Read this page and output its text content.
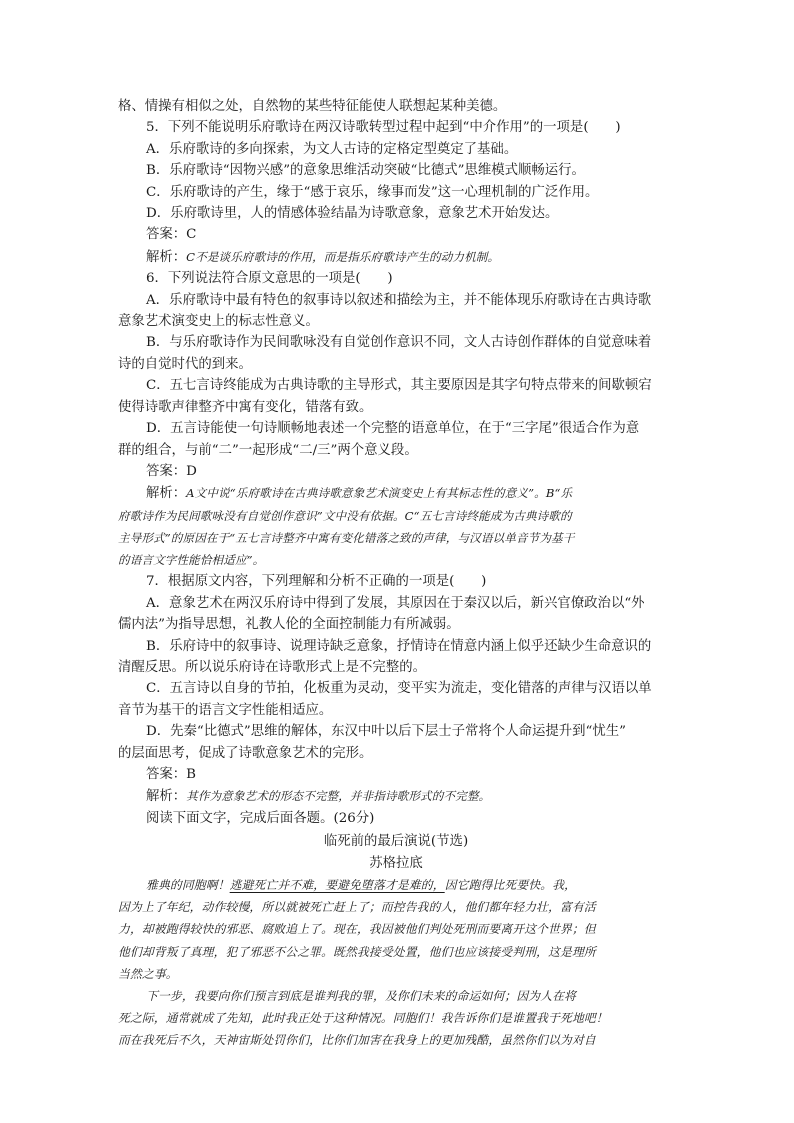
格、情操有相似之处，自然物的某些特征能使人联想起某种美德。
5．下列不能说明乐府歌诗在两汉诗歌转型过程中起到“中介作用”的一项是(　　)
A．乐府歌诗的多向探索，为文人古诗的定格定型奠定了基础。
B．乐府歌诗“因物兴感”的意象思维活动突破“比德式”思维模式顺畅运行。
C．乐府歌诗的产生，缘于“感于哀乐，缘事而发”这一心理机制的广泛作用。
D．乐府歌诗里，人的情感体验结晶为诗歌意象，意象艺术开始发达。
答案：C
解析：C不是谈乐府歌诗的作用，而是指乐府歌诗产生的动力机制。
6．下列说法符合原文意思的一项是(　　)
A．乐府歌诗中最有特色的叙事诗以叙述和描绘为主，并不能体现乐府歌诗在古典诗歌
意象艺术演变史上的标志性意义。
B．与乐府歌诗作为民间歌咏没有自觉创作意识不同，文人古诗创作群体的自觉意味着
诗的自觉时代的到来。
C．五七言诗终能成为古典诗歌的主导形式，其主要原因是其字句特点带来的间歇顿宕
使得诗歌声律整齐中寓有变化，错落有致。
D．五言诗能使一句诗顺畅地表述一个完整的语意单位，在于“三字尾”很适合作为意
群的组合，与前“二”一起形成“二/三”两个意义段。
答案：D
解析：A文中说“乐府歌诗在古典诗歌意象艺术演变史上有其标志性的意义”。B“乐
府歌诗作为民间歌咏没有自觉创作意识”文中没有依据。C“五七言诗终能成为古典诗歌的
主导形式”的原因在于“五七言诗整齐中寓有变化错落之致的声律，与汉语以单音节为基干
的语言文字性能恰相适应”。
7．根据原文内容，下列理解和分析不正确的一项是(　　)
A．意象艺术在两汉乐府诗中得到了发展，其原因在于秦汉以后，新兴官僚政治以“外
儒内法”为指导思想，礼教人伦的全面控制能力有所减弱。
B．乐府诗中的叙事诗、说理诗缺乏意象，抒情诗在情意内涵上似乎还缺少生命意识的
清醒反思。所以说乐府诗在诗歌形式上是不完整的。
C．五言诗以自身的节拍，化板重为灵动，变平实为流走，变化错落的声律与汉语以单
音节为基干的语言文字性能相适应。
D．先秦“比德式”思维的解体，东汉中叶以后下层士子常将个人命运提升到“忧生”
的层面思考，促成了诗歌意象艺术的完形。
答案：B
解析：其作为意象艺术的形态不完整，并非指诗歌形式的不完整。
阅读下面文字，完成后面各题。(26分)
临死前的最后演说(节选)
苏格拉底
雅典的同胞啊！逃避死亡并不难，要避免堕落才是难的，因它跑得比死要快。我，
因为上了年纪，动作较慢，所以就被死亡赶上了；而控告我的人，他们都年轻力壮，富有活
力，却被跑得较快的邪恶、腐败追上了。现在，我因被他们判处死刑而要离开这个世界；但
他们却背叛了真理，犯了邪恶不公之罪。既然我接受处置，他们也应该接受判刑，这是理所
当然之事。
下一步，我要向你们预言到底是谁判我的罪，及你们未来的命运如何；因为人在将
死之际，通常就成了先知，此时我正处于这种情况。同胞们！我告诉你们是谁置我于死地吧！
而在我死后不久，天神宙斯处罚你们，比你们加害在我身上的更加残酷，虽然你们以为对自
